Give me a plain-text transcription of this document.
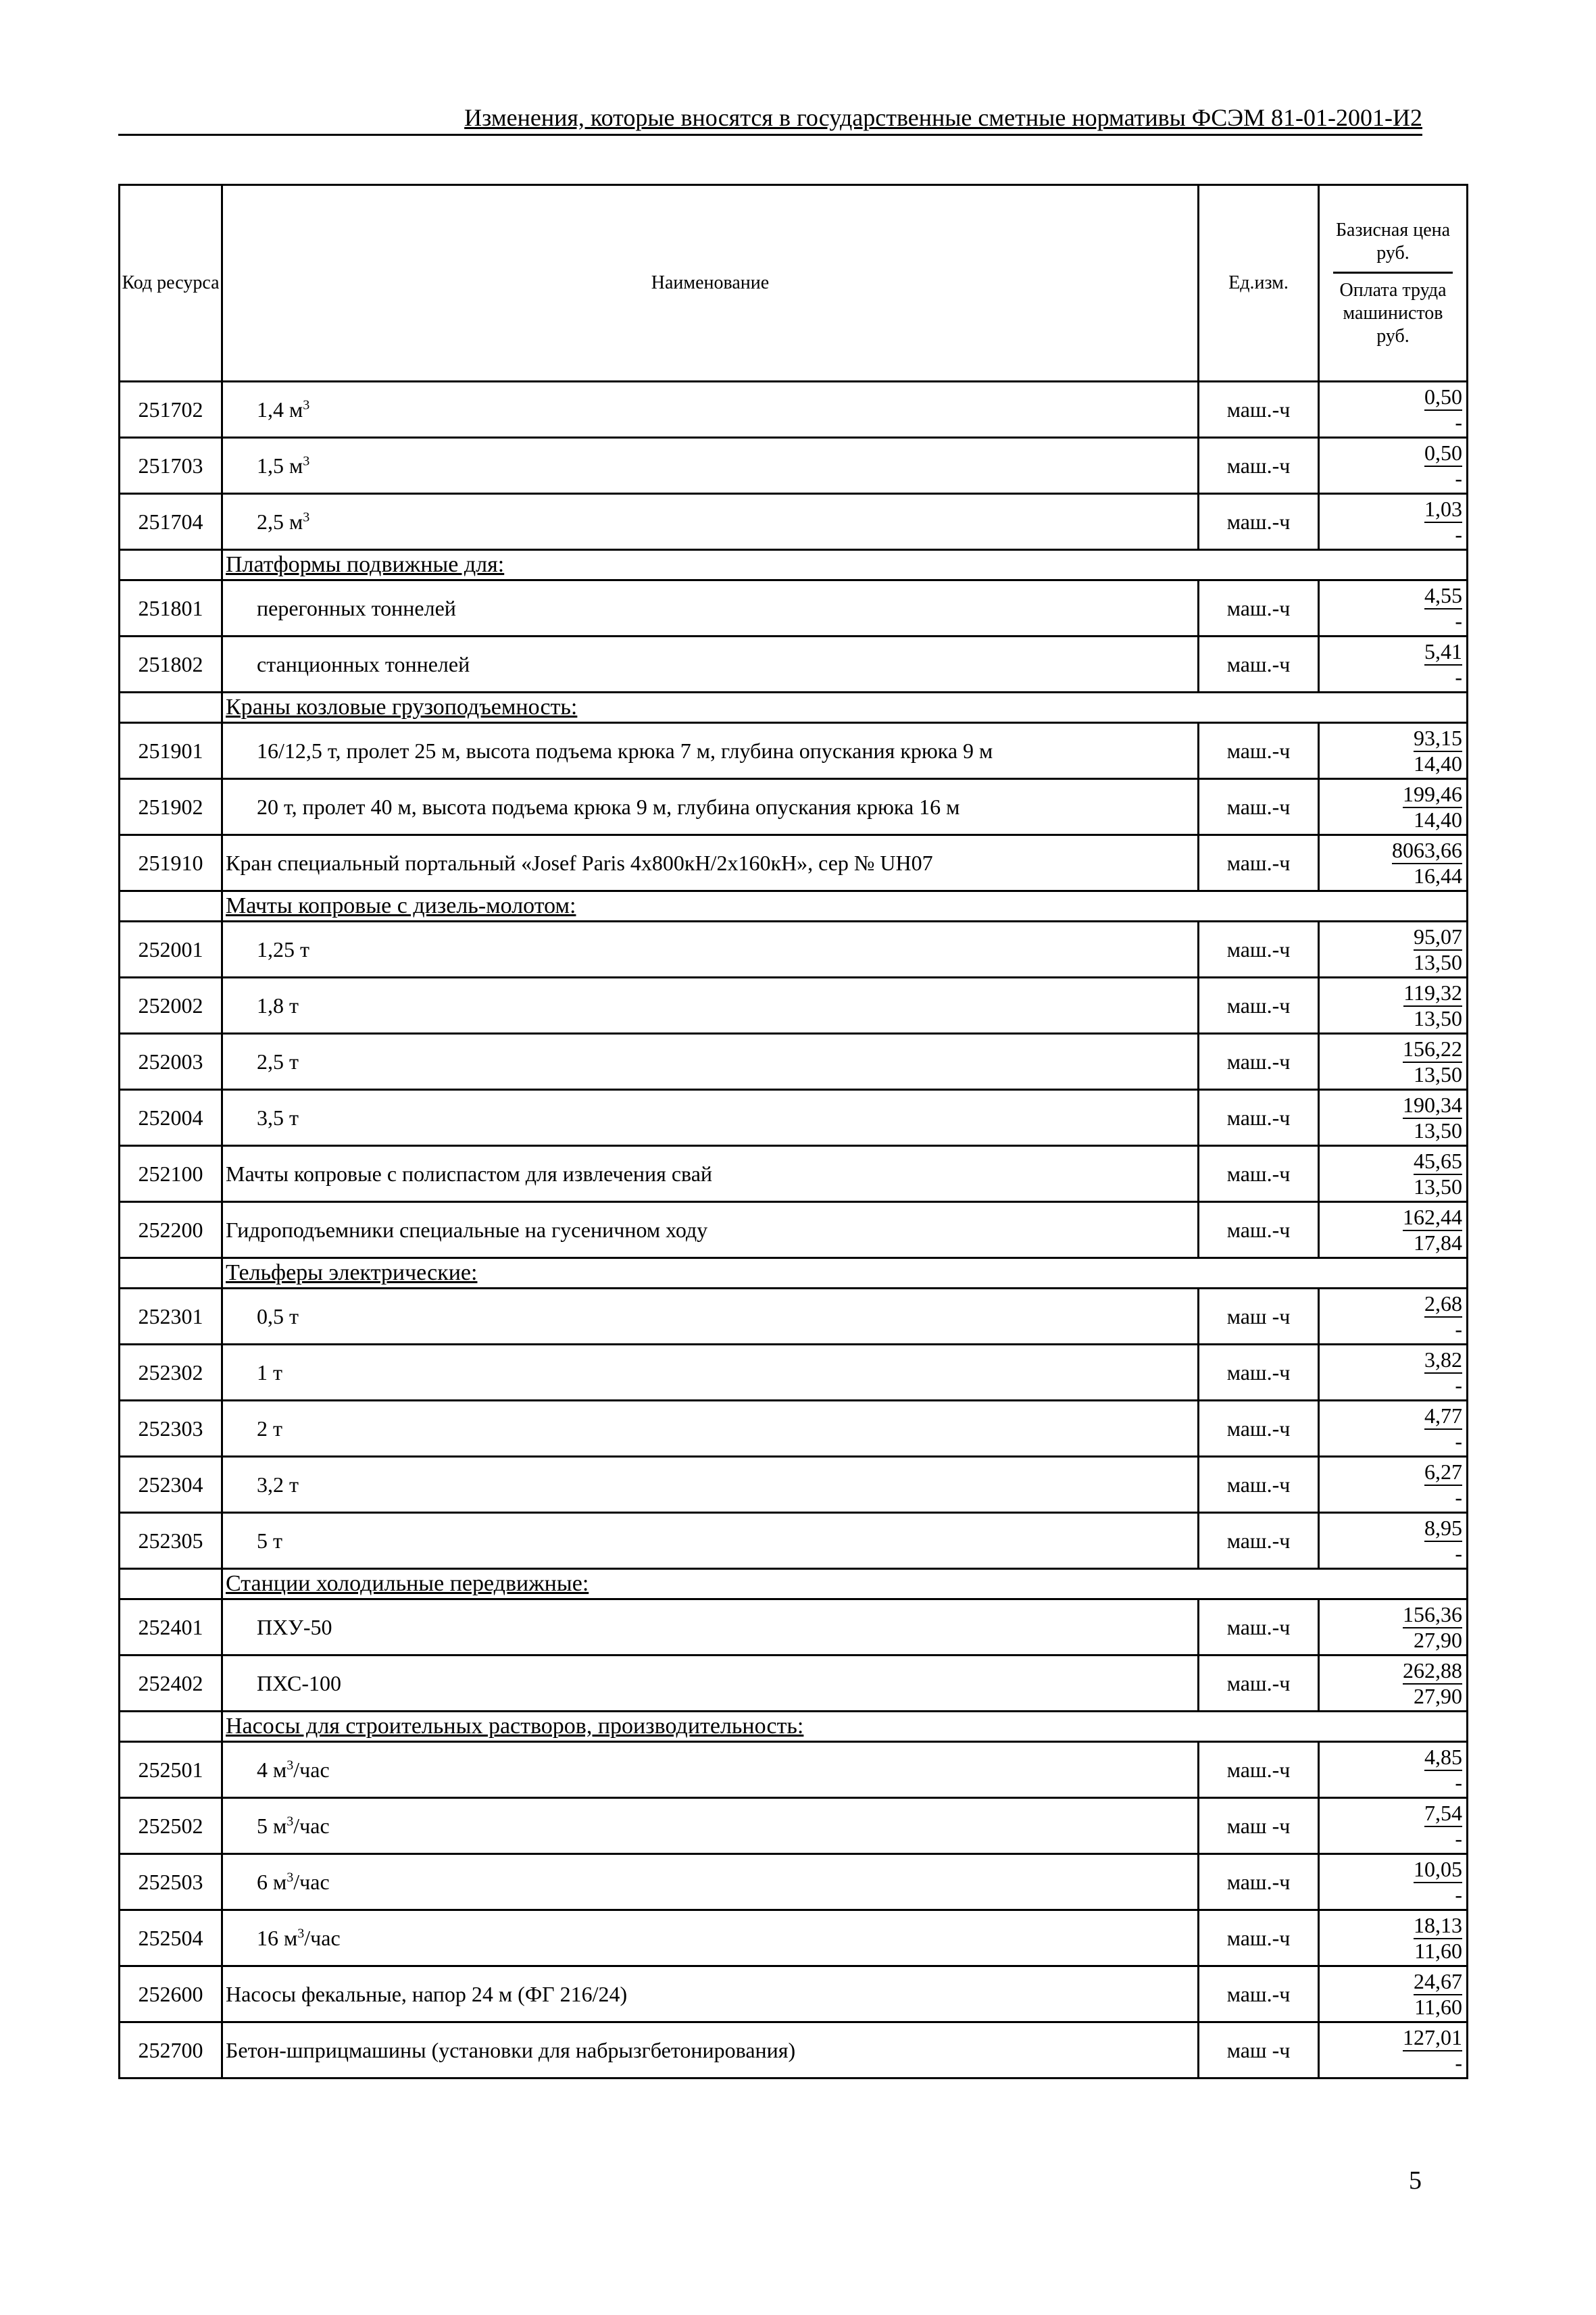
Изменения, которые вносятся в государственные сметные нормативы ФСЭМ 81-01-2001-И2
Код ресурса	Наименование	Ед.изм.	Базисная цена руб.
Оплата труда машинистов руб.

251702	1,4 $м^3$	маш.-ч	0,50
-

251703	1,5 $м^3$	маш.-ч	0,50
-

251704	2,5 $м^3$	маш.-ч	1,03
-

	Платформы подвижные для:		
251801	перегонных тоннелей	маш.-ч	4,55
-

251802	станционных тоннелей	маш.-ч	5,41
-

	Краны козловые грузоподъемность:		
251901	16/12,5 т, пролет 25 м, высота подъема крюка 7 м, глубина опускания крюка 9 м	маш.-ч	93,15
14,40

251902	20 т, пролет 40 м, высота подъема крюка 9 м, глубина опускания крюка 16 м	маш.-ч	199,46
14,40

251910	Кран специальный портальный «Josef Paris 4x800кН/2x160кН», сер № UH07	маш.-ч	8063,66
16,44

	Мачты копровые с дизель-молотом:		
252001	1,25 т	маш.-ч	95,07
13,50

252002	1,8 т	маш.-ч	119,32
13,50

252003	2,5 т	маш.-ч	156,22
13,50

252004	3,5 т	маш.-ч	190,34
13,50

252100	Мачты копровые с полиспастом для извлечения свай	маш.-ч	45,65
13,50

252200	Гидроподъемники специальные на гусеничном ходу	маш.-ч	162,44
17,84

	Тельферы электрические:		
252301	0,5 т	маш -ч	2,68
-

252302	1 т	маш.-ч	3,82
-

252303	2 т	маш.-ч	4,77
-

252304	3,2 т	маш.-ч	6,27
-

252305	5 т	маш.-ч	8,95
-

	Станции холодильные передвижные:		
252401	ПХУ-50	маш.-ч	156,36
27,90

252402	ПХС-100	маш.-ч	262,88
27,90

	Насосы для строительных растворов, производительность:		
252501	4 $м^3$/час	маш.-ч	4,85
-

252502	5 $м^3$/час	маш -ч	7,54
-

252503	6 $м^3$/час	маш.-ч	10,05
-

252504	16 $м^3$/час	маш.-ч	18,13
11,60

252600	Насосы фекальные, напор 24 м (ФГ 216/24)	маш.-ч	24,67
11,60

252700	Бетон-шприцмашины (установки для набрызгбетонирования)	маш -ч	127,01
-
5
